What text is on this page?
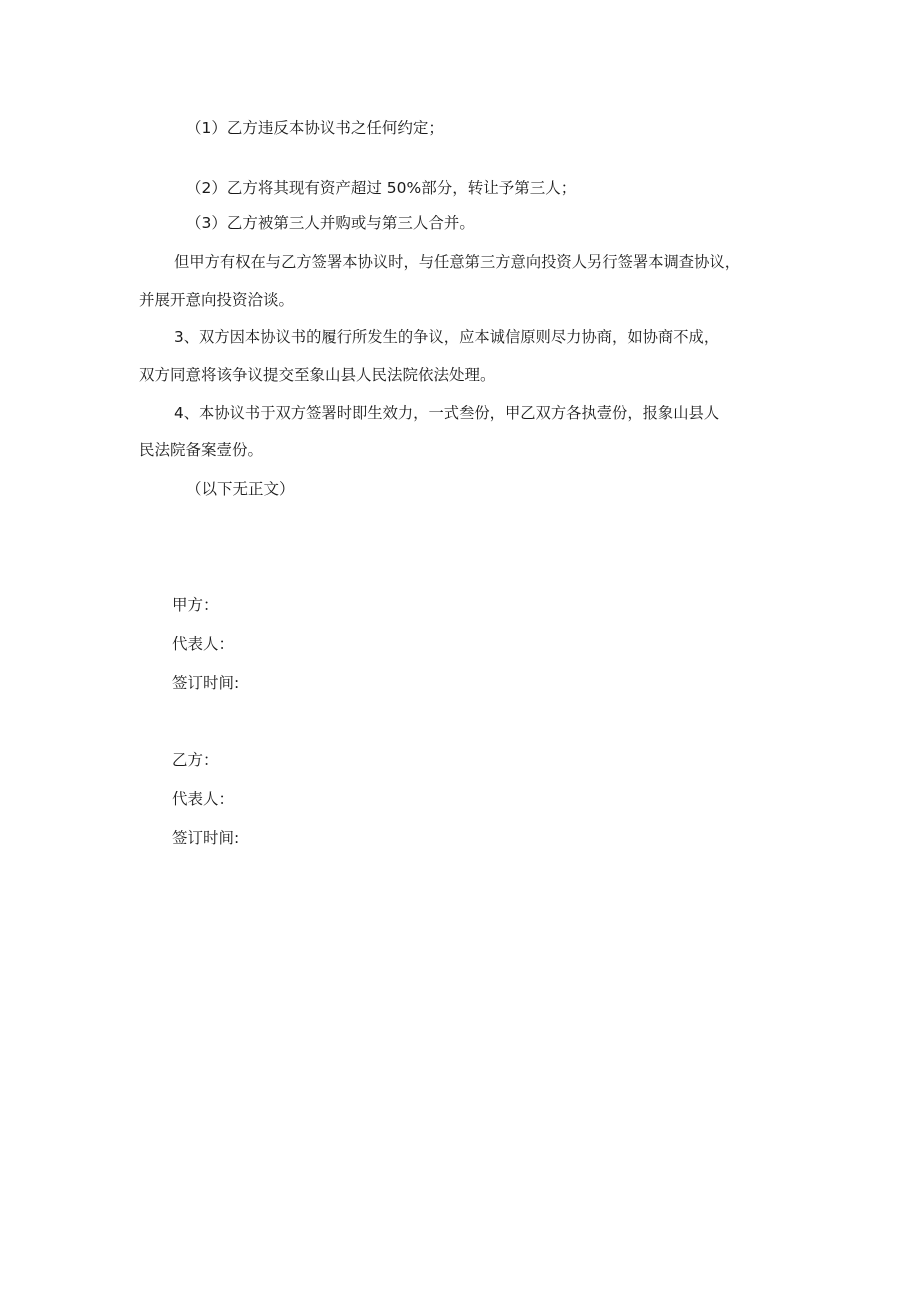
（1）乙方违反本协议书之任何约定；
（2）乙方将其现有资产超过 50%部分，转让予第三人；
（3）乙方被第三人并购或与第三人合并。
但甲方有权在与乙方签署本协议时，与任意第三方意向投资人另行签署本调查协议，
并展开意向投资洽谈。
3、双方因本协议书的履行所发生的争议，应本诚信原则尽力协商，如协商不成，
双方同意将该争议提交至象山县人民法院依法处理。
4、本协议书于双方签署时即生效力，一式叁份，甲乙双方各执壹份，报象山县人
民法院备案壹份。
（以下无正文）
甲方：
代表人：
签订时间:
乙方：
代表人：
签订时间:
